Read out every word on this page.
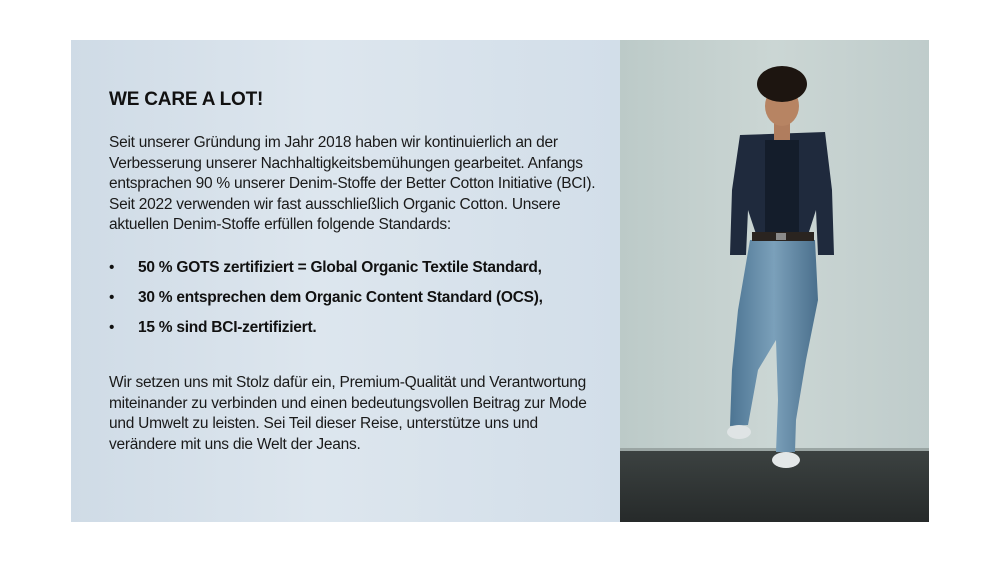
WE CARE A LOT!
Seit unserer Gründung im Jahr 2018 haben wir kontinuierlich an der Verbesserung unserer Nachhaltigkeitsbemühungen gearbeitet. Anfangs entsprachen 90 % unserer Denim-Stoffe der Better Cotton Initiative (BCI). Seit 2022 verwenden wir fast ausschließlich Organic Cotton. Unsere aktuellen Denim-Stoffe erfüllen folgende Standards:
• 50 % GOTS zertifiziert = Global Organic Textile Standard,
• 30 % entsprechen dem Organic Content Standard (OCS),
• 15 % sind BCI-zertifiziert.
Wir setzen uns mit Stolz dafür ein, Premium-Qualität und Verantwortung miteinander zu verbinden und einen bedeutungsvollen Beitrag zur Mode und Umwelt zu leisten. Sei Teil dieser Reise, unterstütze uns und verändere mit uns die Welt der Jeans.
